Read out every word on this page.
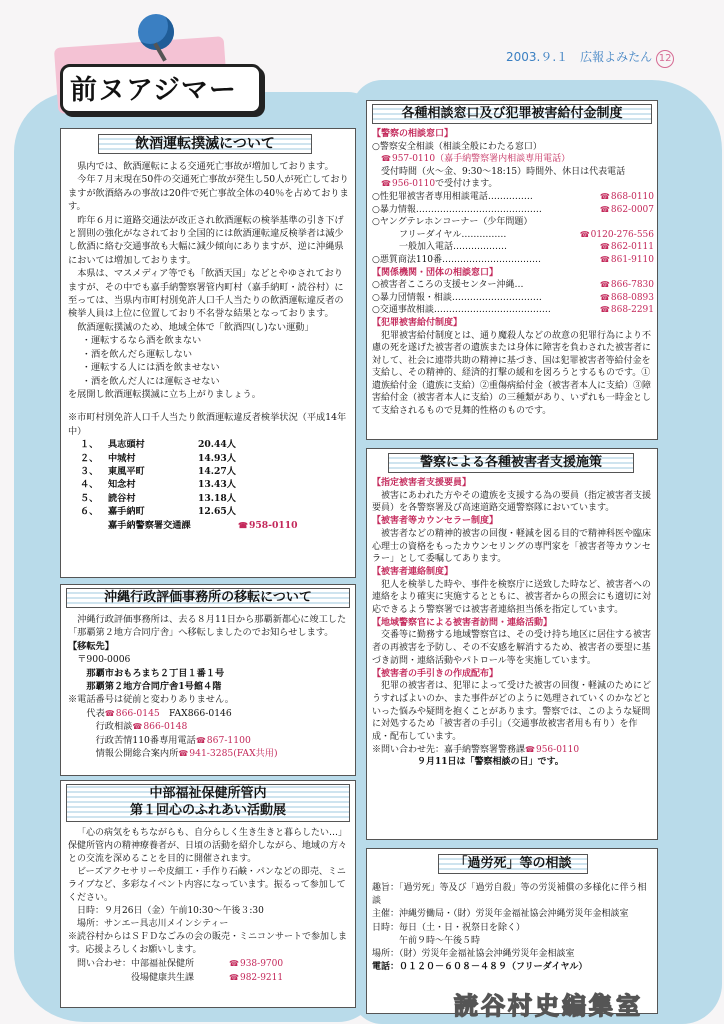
前ヌアジマー
2003.９.１　広報よみたん 12
飲酒運転撲滅について

県内では、飲酒運転による交通死亡事故が増加しております。

今年７月末現在50件の交通死亡事故が発生し50人が死亡しておりますが飲酒絡みの事故は20件で死亡事故全体の40％を占めております。

昨年６月に道路交通法が改正され飲酒運転の検挙基準の引き下げと罰則の強化がなされており全国的には飲酒運転違反検挙者は減少し飲酒に絡む交通事故も大幅に減少傾向にありますが、逆に沖縄県においては増加しております。

本県は、マスメディア等でも「飲酒天国」などとやゆされておりますが、その中でも嘉手納警察署管内町村（嘉手納町・読谷村）に至っては、当県内市町村別免許人口千人当たりの飲酒運転違反者の検挙人員は上位に位置しており不名誉な結果となっております。

飲酒運転撲滅のため、地域全体で「飲酒四(し)ない運動」

・運転するなら酒を飲まない

・酒を飲んだら運転しない

・運転する人には酒を飲ませない

・酒を飲んだ人には運転させない

を展開し飲酒運転撲滅に立ち上がりましょう。

※市町村別免許人口千人当たり飲酒運転違反者検挙状況（平成14年中）

１、	具志頭村	20.44人
２、	中城村	14.93人
３、	東風平町	14.27人
４、	知念村	13.43人
５、	読谷村	13.18人
６、	嘉手納町	12.65人
嘉手納警察署交通課	☎ 958-0110
沖縄行政評価事務所の移転について

沖縄行政評価事務所は、去る８月11日から那覇新都心に竣工した「那覇第２地方合同庁舎」へ移転しましたのでお知らせします。

【移転先】

〒900-0006

那覇市おもろまち２丁目１番１号

那覇第２地方合同庁舎1号館４階

※電話番号は従前と変わりありません。

代表 ☎ 866-0145　 FAX866-0146

行政相談 ☎ 866-0148

行政苦情110番専用電話 ☎ 867-1100

情報公開総合案内所 ☎ 941-3285(FAX共用)

中部福祉保健所管内
第１回心のふれあい活動展

「心の病気をもちながらも、自分らしく生き生きと暮らしたい…」保健所管内の精神療養者が、日頃の活動を紹介しながら、地域の方々との交流を深めることを目的に開催されます。

ビーズアクセサリーや皮細工・手作り石鹸・パンなどの即売、ミニライブなど、多彩なイベント内容になっています。振るって参加してください。

日時：９月26日（金）午前10:30～午後３:30

場所：サンエー具志川メインシティー

※読谷村からはＳＦＤなごみの会の販売・ミニコンサートで参加します。応援よろしくお願いします。

問い合わせ：中部福祉保健所	☎ 938-9700

役場健康共生課	☎ 982-9211

各種相談窓口及び犯罪被害給付金制度

【警察の相談窓口】

○警察安全相談（相談全般にわたる窓口）

☎ 957-0110（嘉手納警察署内相談専用電話）

受付時間（火～金、9:30～18:15）時間外、休日は代表電話☎ 956-0110で受付けます。

○性犯罪被害者専用相談電話……………	☎ 868-0110
○暴力情報……………………………………	☎ 862-0007
○ヤングテレホンコーナー（少年問題）
　　　フリーダイヤル……………	☎ 0120-276-556
　　　一般加入電話………………	☎ 862-0111
○悪質商法110番……………………………	☎ 861-9110

【関係機関・団体の相談窓口】

○被害者こころの支援センター沖縄…	☎ 866-7830
○暴力団情報・相談…………………………	☎ 868-0893
○交通事故相談…………………………………	☎ 868-2291

【犯罪被害給付制度】

犯罪被害給付制度とは、通り魔殺人などの故意の犯罪行為により不慮の死を遂げた被害者の遺族または身体に障害を負わされた被害者に対して、社会に連帯共助の精神に基づき、国は犯罪被害者等給付金を支給し、その精神的、経済的打撃の緩和を図ろうとするものです。①遺族給付金（遺族に支給）②重傷病給付金（被害者本人に支給）③障害給付金（被害者本人に支給）の三種類があり、いずれも一時金として支給されるもので見舞的性格のものです。

警察による各種被害者支援施策

【指定被害者支援要員】

被害にあわれた方やその遺族を支援する為の要員（指定被害者支援要員）を各警察署及び高速道路交通警察隊においています。

【被害者等カウンセラー制度】

被害者などの精神的被害の回復・軽減を図る目的で精神科医や臨床心理士の資格をもったカウンセリングの専門家を「被害者等カウンセラー」として委嘱してあります。

【被害者連絡制度】

犯人を検挙した時や、事件を検察庁に送致した時など、被害者への連絡をより確実に実施するとともに、被害者からの照会にも適切に対応できるよう警察署では被害者連絡担当係を指定しています。

【地域警察官による被害者訪問・連絡活動】

交番等に勤務する地域警察官は、その受け持ち地区に居住する被害者の再被害を予防し、その不安感を解消するため、被害者の要望に基づき訪問・連絡活動やパトロール等を実施しています。

【被害者の手引きの作成配布】

犯罪の被害者は、犯罪によって受けた被害の回復・軽減のためにどうすればよいのか、また事件がどのように処理されていくのかなどといった悩みや疑問を抱くことがあります。警察では、このような疑問に対処するため「被害者の手引」（交通事故被害者用も有り）を作成・配布しています。

※問い合わせ先：嘉手納警察署警務課 ☎ 956-0110

９月11日は「警察相談の日」です。

「過労死」等の相談

趣旨：「過労死」等及び「過労自殺」等の労災補償の多様化に伴う相談

主催：沖縄労働局・（財）労災年金福祉協会沖縄労災年金相談室

日時：毎日（土・日・祝祭日を除く）

午前９時～午後５時

場所：（財）労災年金福祉協会沖縄労災年金相談室

電話：０１２０－６０８－４８９（フリーダイヤル）

読谷村史編集室
